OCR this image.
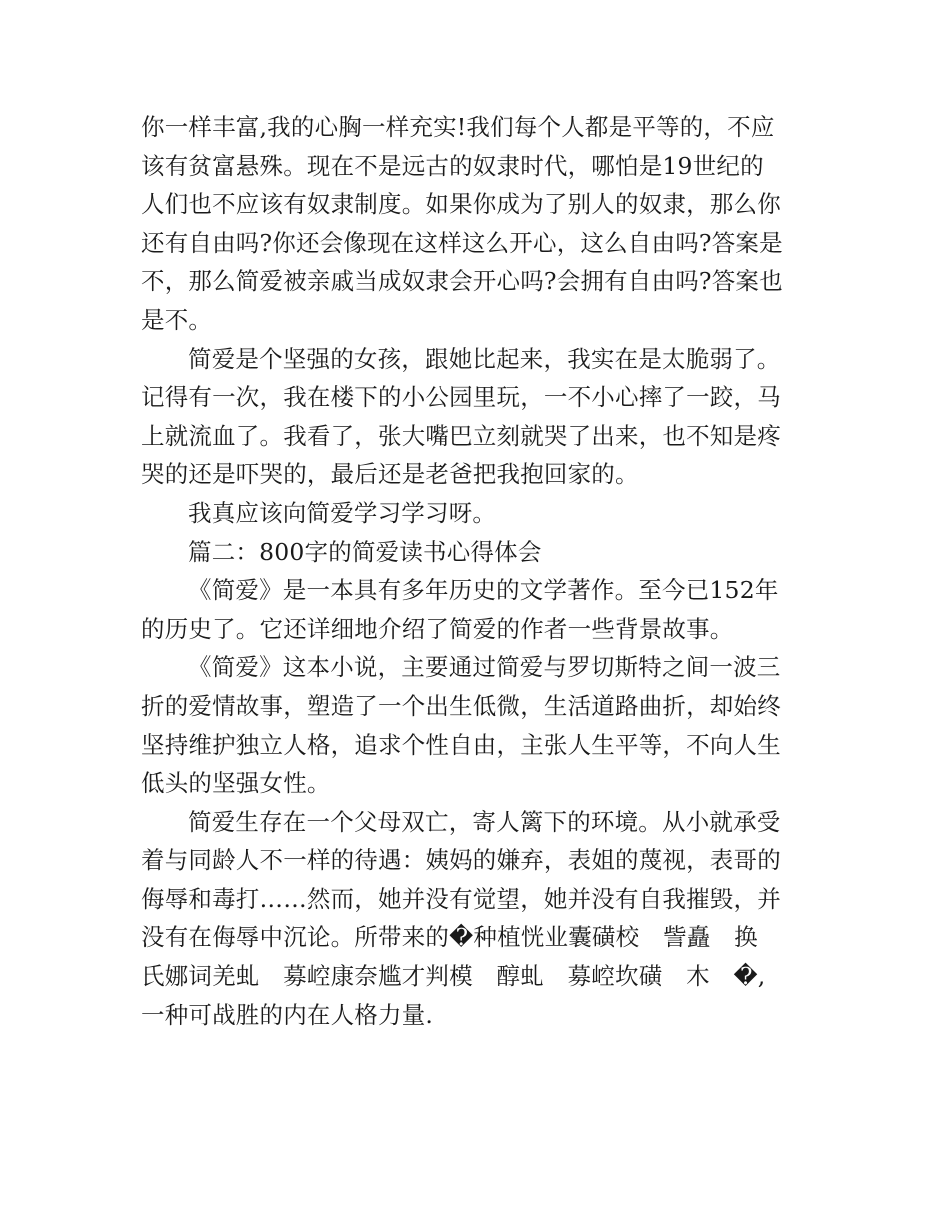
你一样丰富,我的心胸一样充实!我们每个人都是平等的，不应
该有贫富悬殊。现在不是远古的奴隶时代，哪怕是19世纪的
人们也不应该有奴隶制度。如果你成为了别人的奴隶，那么你
还有自由吗?你还会像现在这样这么开心，这么自由吗?答案是
不，那么简爱被亲戚当成奴隶会开心吗?会拥有自由吗?答案也
是不。
简爱是个坚强的女孩，跟她比起来，我实在是太脆弱了。
记得有一次，我在楼下的小公园里玩，一不小心摔了一跤，马
上就流血了。我看了，张大嘴巴立刻就哭了出来，也不知是疼
哭的还是吓哭的，最后还是老爸把我抱回家的。
我真应该向简爱学习学习呀。
篇二：800字的简爱读书心得体会
《简爱》是一本具有多年历史的文学著作。至今已152年
的历史了。它还详细地介绍了简爱的作者一些背景故事。
《简爱》这本小说，主要通过简爱与罗切斯特之间一波三
折的爱情故事，塑造了一个出生低微，生活道路曲折，却始终
坚持维护独立人格，追求个性自由，主张人生平等，不向人生
低头的坚强女性。
简爱生存在一个父母双亡，寄人篱下的环境。从小就承受
着与同龄人不一样的待遇：姨妈的嫌弃，表姐的蔑视，表哥的
侮辱和毒打……然而，她并没有觉望，她并没有自我摧毁，并
没有在侮辱中沉论。所带来的�种植恍业囊磺校　訾矗　换
氏娜词羌虬　募崆康奈尴才判模　醇虬　募崆坎磺　木　�,
一种可战胜的内在人格力量.
